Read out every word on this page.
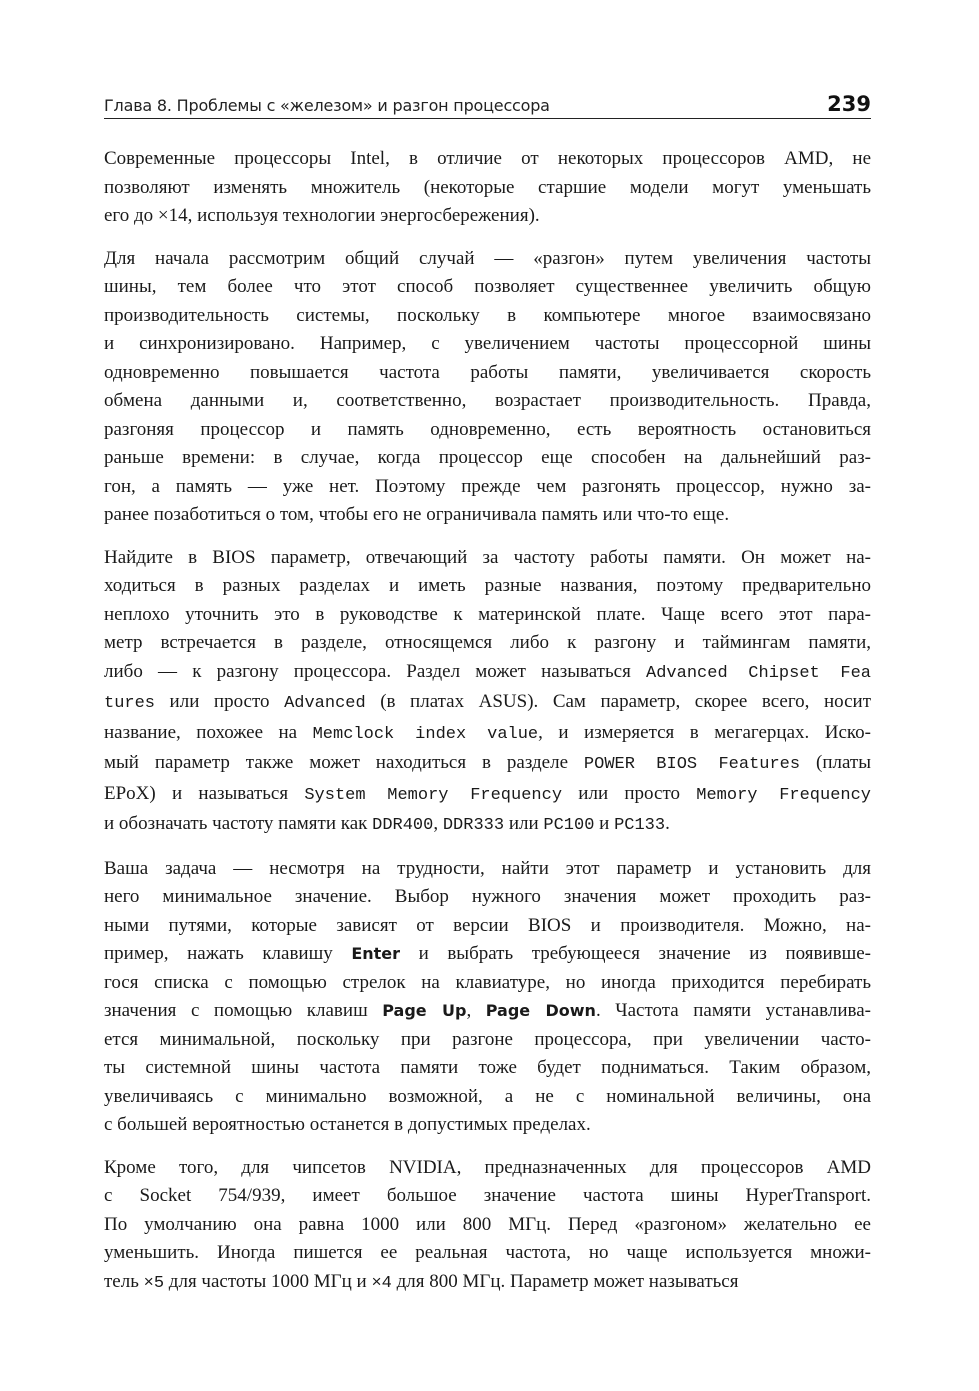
Глава 8. Проблемы с «железом» и разгон процессора	239
Современные процессоры Intel, в отличие от некоторых процессоров AMD, не
позволяют изменять множитель (некоторые старшие модели могут уменьшать
его до ×14, используя технологии энергосбережения).
Для начала рассмотрим общий случай — «разгон» путем увеличения частоты
шины, тем более что этот способ позволяет существеннее увеличить общую
производительность системы, поскольку в компьютере многое взаимосвязано
и синхронизировано. Например, с увеличением частоты процессорной шины
одновременно повышается частота работы памяти, увеличивается скорость
обмена данными и, соответственно, возрастает производительность. Правда,
разгоняя процессор и память одновременно, есть вероятность остановиться
раньше времени: в случае, когда процессор еще способен на дальнейший раз-
гон, а память — уже нет. Поэтому прежде чем разгонять процессор, нужно за-
ранее позаботиться о том, чтобы его не ограничивала память или что-то еще.
Найдите в BIOS параметр, отвечающий за частоту работы памяти. Он может на-
ходиться в разных разделах и иметь разные названия, поэтому предварительно
неплохо уточнить это в руководстве к материнской плате. Чаще всего этот пара-
метр встречается в разделе, относящемся либо к разгону и таймингам памяти,
либо — к разгону процессора. Раздел может называться Advanced Chipset Fea
tures или просто Advanced (в платах ASUS). Сам параметр, скорее всего, носит
название, похожее на Memclock index value, и измеряется в мегагерцах. Иско-
мый параметр также может находиться в разделе POWER BIOS Features (платы
EPoX) и называться System Memory Frequency или просто Memory Frequency
и обозначать частоту памяти как DDR400, DDR333 или PC100 и PC133.
Ваша задача — несмотря на трудности, найти этот параметр и установить для
него минимальное значение. Выбор нужного значения может проходить раз-
ными путями, которые зависят от версии BIOS и производителя. Можно, на-
пример, нажать клавишу Enter и выбрать требующееся значение из появивше-
гося списка с помощью стрелок на клавиатуре, но иногда приходится перебирать
значения с помощью клавиш Page Up, Page Down. Частота памяти устанавлива-
ется минимальной, поскольку при разгоне процессора, при увеличении часто-
ты системной шины частота памяти тоже будет подниматься. Таким образом,
увеличиваясь с минимально возможной, а не с номинальной величины, она
с большей вероятностью останется в допустимых пределах.
Кроме того, для чипсетов NVIDIA, предназначенных для процессоров AMD
с Socket 754/939, имеет большое значение частота шины HyperTransport.
По умолчанию она равна 1000 или 800 МГц. Перед «разгоном» желательно ее
уменьшить. Иногда пишется ее реальная частота, но чаще используется множи-
тель ×5 для частоты 1000 МГц и ×4 для 800 МГц. Параметр может называться
